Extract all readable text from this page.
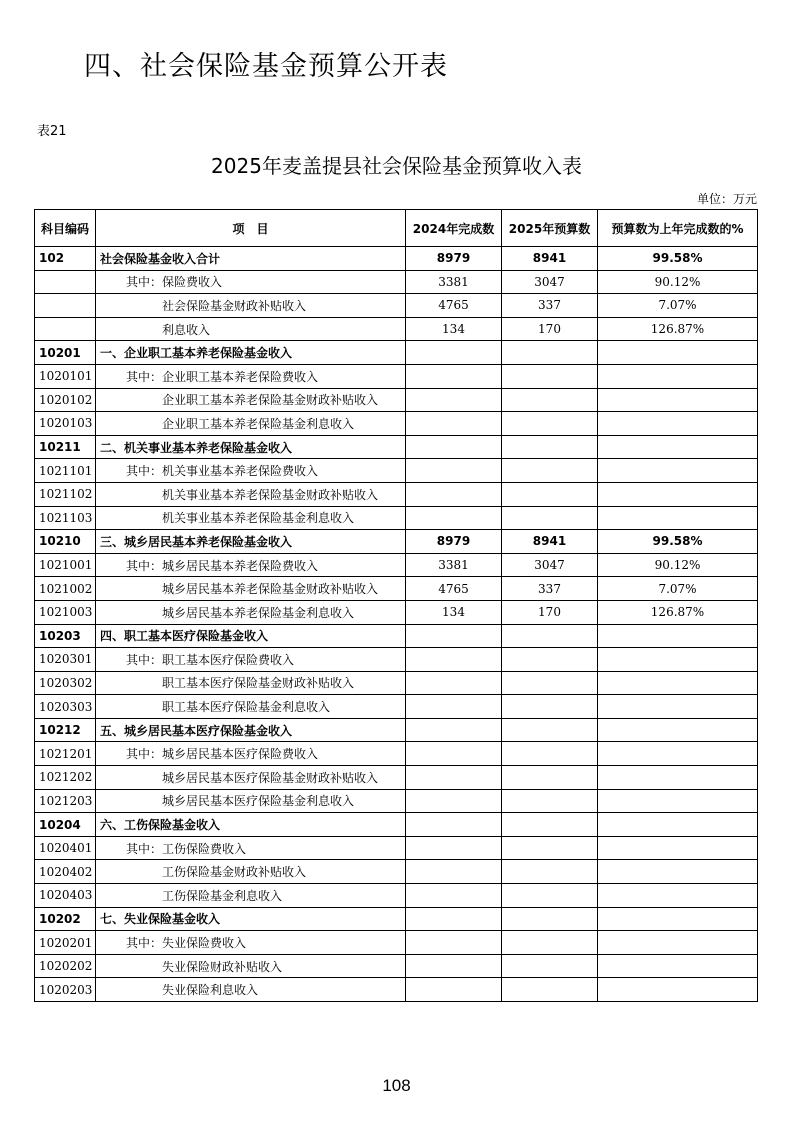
四、社会保险基金预算公开表
表21
2025年麦盖提县社会保险基金预算收入表
单位：万元
科目编码	项　目	2024年完成数	2025年预算数	预算数为上年完成数的%
102	社会保险基金收入合计	8979	8941	99.58%
	其中：保险费收入	3381	3047	90.12%
	社会保险基金财政补贴收入	4765	337	7.07%
	利息收入	134	170	126.87%
10201	一、企业职工基本养老保险基金收入			
1020101	其中：企业职工基本养老保险费收入			
1020102	企业职工基本养老保险基金财政补贴收入			
1020103	企业职工基本养老保险基金利息收入			
10211	二、机关事业基本养老保险基金收入			
1021101	其中：机关事业基本养老保险费收入			
1021102	机关事业基本养老保险基金财政补贴收入			
1021103	机关事业基本养老保险基金利息收入			
10210	三、城乡居民基本养老保险基金收入	8979	8941	99.58%
1021001	其中：城乡居民基本养老保险费收入	3381	3047	90.12%
1021002	城乡居民基本养老保险基金财政补贴收入	4765	337	7.07%
1021003	城乡居民基本养老保险基金利息收入	134	170	126.87%
10203	四、职工基本医疗保险基金收入			
1020301	其中：职工基本医疗保险费收入			
1020302	职工基本医疗保险基金财政补贴收入			
1020303	职工基本医疗保险基金利息收入			
10212	五、城乡居民基本医疗保险基金收入			
1021201	其中：城乡居民基本医疗保险费收入			
1021202	城乡居民基本医疗保险基金财政补贴收入			
1021203	城乡居民基本医疗保险基金利息收入			
10204	六、工伤保险基金收入			
1020401	其中：工伤保险费收入			
1020402	工伤保险基金财政补贴收入			
1020403	工伤保险基金利息收入			
10202	七、失业保险基金收入			
1020201	其中：失业保险费收入			
1020202	失业保险财政补贴收入			
1020203	失业保险利息收入			
108
